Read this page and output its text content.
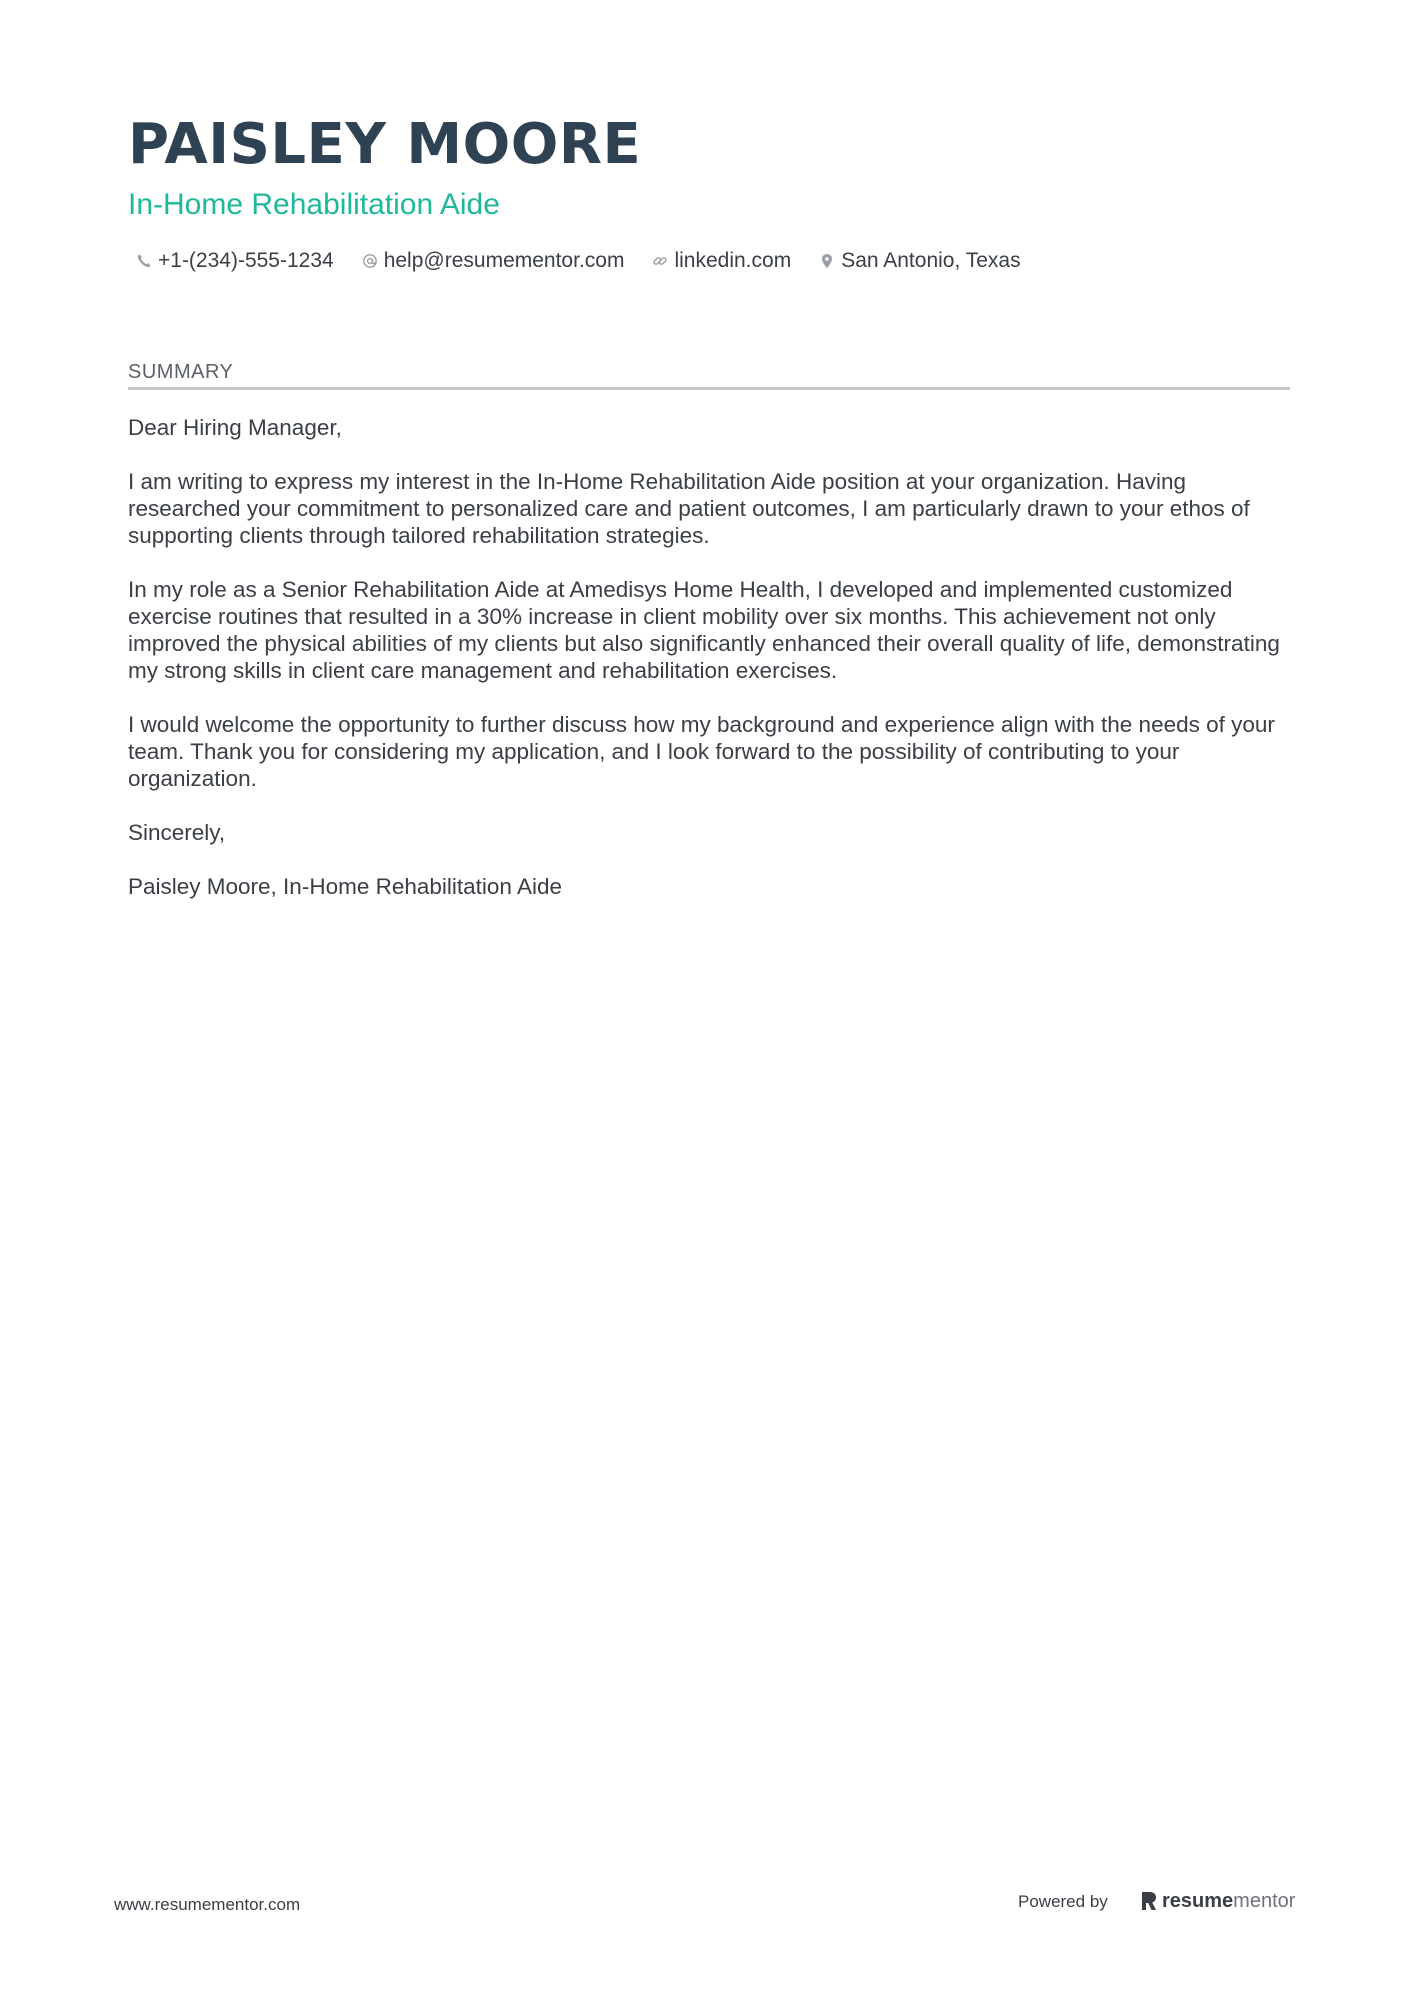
PAISLEY MOORE
In-Home Rehabilitation Aide
+1-(234)-555-1234 help@resumementor.com linkedin.com San Antonio, Texas
SUMMARY

Dear Hiring Manager,

I am writing to express my interest in the In-Home Rehabilitation Aide position at your organization. Having researched your commitment to personalized care and patient outcomes, I am particularly drawn to your ethos of supporting clients through tailored rehabilitation strategies.

In my role as a Senior Rehabilitation Aide at Amedisys Home Health, I developed and implemented customized exercise routines that resulted in a 30% increase in client mobility over six months. This achievement not only improved the physical abilities of my clients but also significantly enhanced their overall quality of life, demonstrating my strong skills in client care management and rehabilitation exercises.

I would welcome the opportunity to further discuss how my background and experience align with the needs of your team. Thank you for considering my application, and I look forward to the possibility of contributing to your organization.

Sincerely,

Paisley Moore, In-Home Rehabilitation Aide

www.resumementor.com	Powered by	resume mentor
